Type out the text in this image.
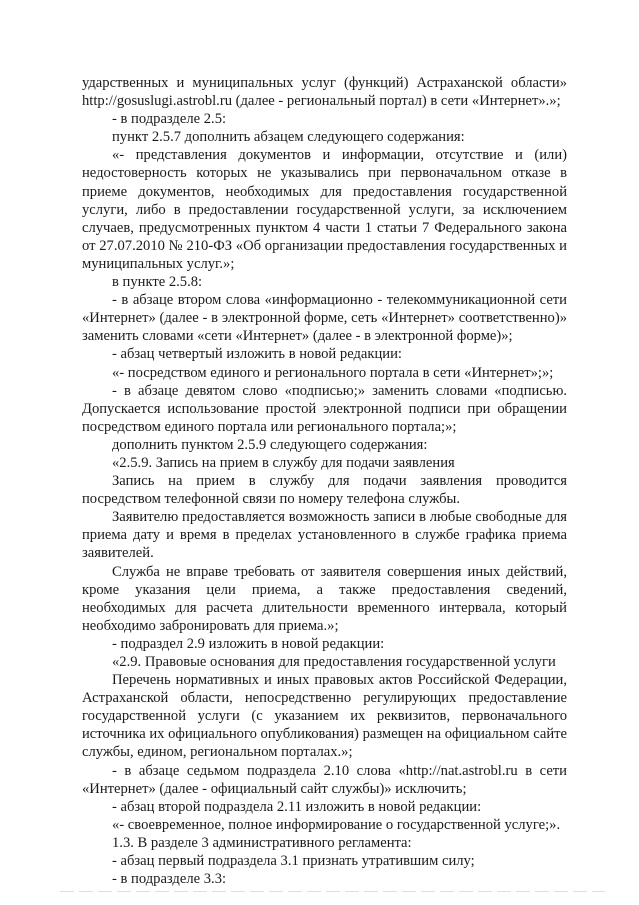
ударственных и муниципальных услуг (функций) Астраханской области» http://gosuslugi.astrobl.ru (далее - региональный портал) в сети «Интернет».»;

- в подразделе 2.5:

пункт 2.5.7 дополнить абзацем следующего содержания:

«- представления документов и информации, отсутствие и (или) недостоверность которых не указывались при первоначальном отказе в приеме документов, необходимых для предоставления государственной услуги, либо в предоставлении государственной услуги, за исключением случаев, предусмотренных пунктом 4 части 1 статьи 7 Федерального закона от 27.07.2010 № 210-ФЗ «Об организации предоставления государственных и муниципальных услуг.»;

в пункте 2.5.8:

- в абзаце втором слова «информационно - телекоммуникационной сети «Интернет» (далее - в электронной форме, сеть «Интернет» соответственно)» заменить словами «сети «Интернет» (далее - в электронной форме)»;

- абзац четвертый изложить в новой редакции:

«- посредством единого и регионального портала в сети «Интернет»;»;

- в абзаце девятом слово «подписью;» заменить словами «подписью. Допускается использование простой электронной подписи при обращении посредством единого портала или регионального портала;»;

дополнить пунктом 2.5.9 следующего содержания:

«2.5.9. Запись на прием в службу для подачи заявления

Запись на прием в службу для подачи заявления проводится посредством телефонной связи по номеру телефона службы.

Заявителю предоставляется возможность записи в любые свободные для приема дату и время в пределах установленного в службе графика приема заявителей.

Служба не вправе требовать от заявителя совершения иных действий, кроме указания цели приема, а также предоставления сведений, необходимых для расчета длительности временного интервала, который необходимо забронировать для приема.»;

- подраздел 2.9 изложить в новой редакции:

«2.9. Правовые основания для предоставления государственной услуги

Перечень нормативных и иных правовых актов Российской Федерации, Астраханской области, непосредственно регулирующих предоставление государственной услуги (с указанием их реквизитов, первоначального источника их официального опубликования) размещен на официальном сайте службы, едином, региональном порталах.»;

- в абзаце седьмом подраздела 2.10 слова «http://nat.astrobl.ru в сети «Интернет» (далее - официальный сайт службы)» исключить;

- абзац второй подраздела 2.11 изложить в новой редакции:

«- своевременное, полное информирование о государственной услуге;».

1.3. В разделе 3 административного регламента:

- абзац первый подраздела 3.1 признать утратившим силу;

- в подразделе 3.3:
